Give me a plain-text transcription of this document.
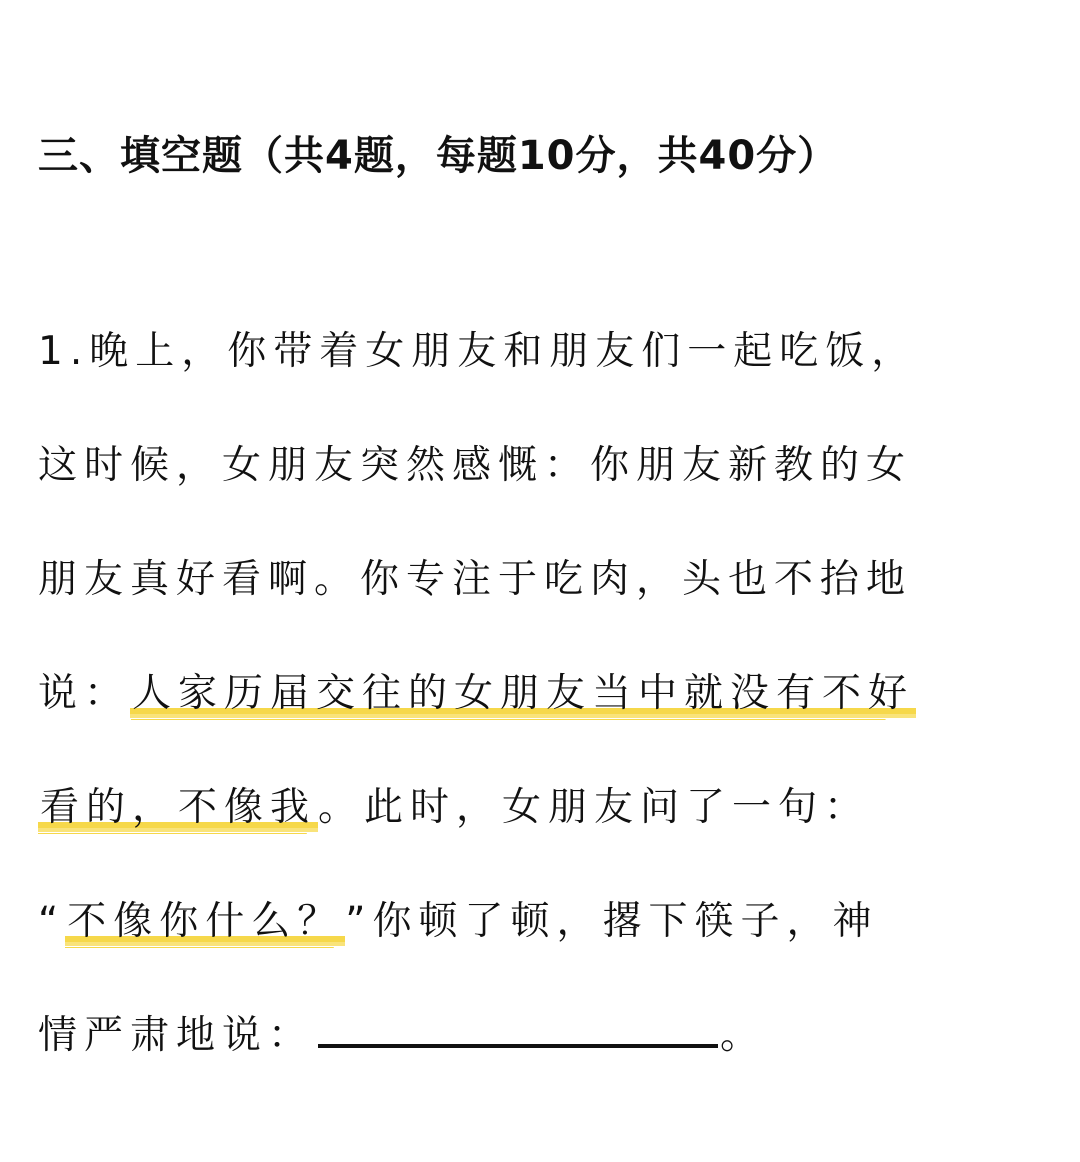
三、填空题（共4题，每题10分，共40分）
1.晚上，你带着女朋友和朋友们一起吃饭，
这时候，女朋友突然感慨：你朋友新教的女
朋友真好看啊。你专注于吃肉，头也不抬地
说：人家历届交往的女朋友当中就没有不好
看的，不像我。此时，女朋友问了一句：
“不像你什么？”你顿了顿，撂下筷子，神
情严肃地说：	。
